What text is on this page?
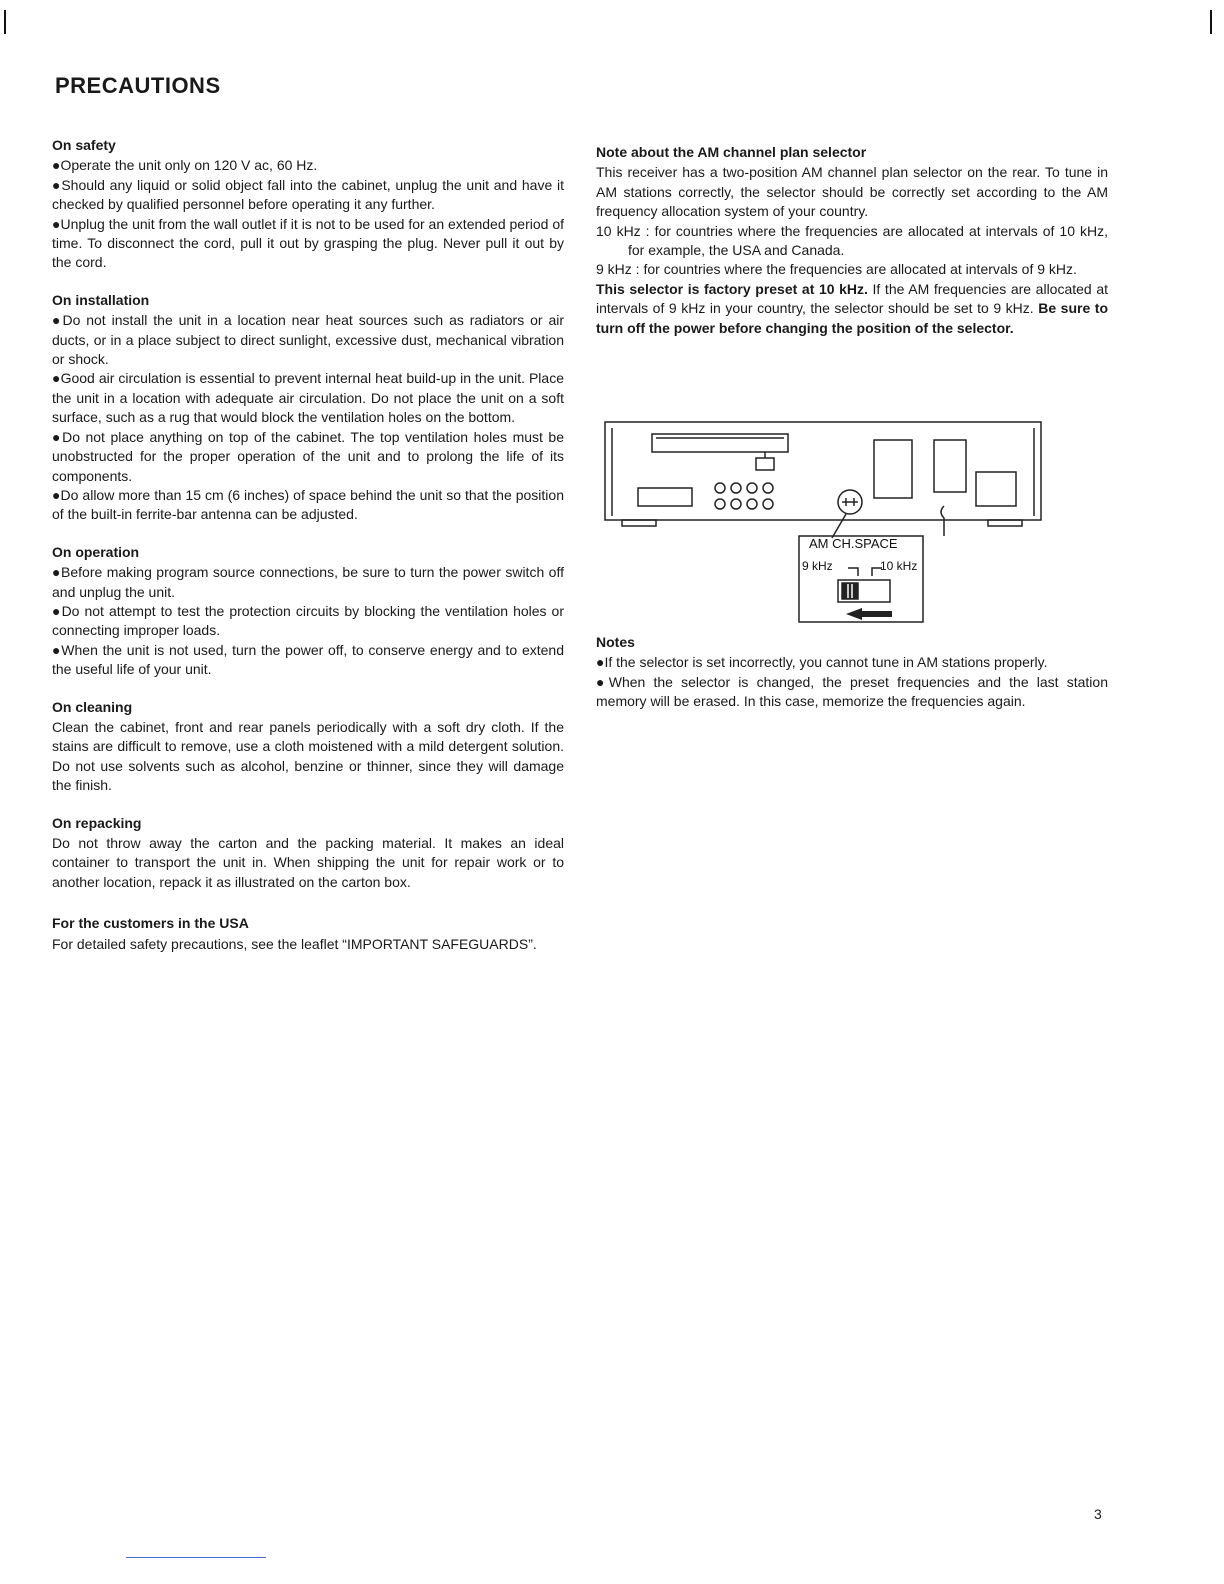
PRECAUTIONS
On safety

●Operate the unit only on 120 V ac, 60 Hz.

●Should any liquid or solid object fall into the cabinet, unplug the unit and have it checked by qualified personnel before operating it any further.

●Unplug the unit from the wall outlet if it is not to be used for an extended period of time. To disconnect the cord, pull it out by grasping the plug. Never pull it out by the cord.

On installation

●Do not install the unit in a location near heat sources such as radiators or air ducts, or in a place subject to direct sunlight, excessive dust, mechanical vibration or shock.

●Good air circulation is essential to prevent internal heat build-up in the unit. Place the unit in a location with adequate air circulation. Do not place the unit on a soft surface, such as a rug that would block the ventilation holes on the bottom.

●Do not place anything on top of the cabinet. The top ventilation holes must be unobstructed for the proper operation of the unit and to prolong the life of its components.

●Do allow more than 15 cm (6 inches) of space behind the unit so that the position of the built-in ferrite-bar antenna can be adjusted.

On operation

●Before making program source connections, be sure to turn the power switch off and unplug the unit.

●Do not attempt to test the protection circuits by blocking the ventilation holes or connecting improper loads.

●When the unit is not used, turn the power off, to conserve energy and to extend the useful life of your unit.

On cleaning

Clean the cabinet, front and rear panels periodically with a soft dry cloth. If the stains are difficult to remove, use a cloth moistened with a mild detergent solution. Do not use solvents such as alcohol, benzine or thinner, since they will damage the finish.

On repacking

Do not throw away the carton and the packing material. It makes an ideal container to transport the unit in. When shipping the unit for repair work or to another location, repack it as illustrated on the carton box.

For the customers in the USA

For detailed safety precautions, see the leaflet “IMPORTANT SAFEGUARDS”.

Note about the AM channel plan selector

This receiver has a two-position AM channel plan selector on the rear. To tune in AM stations correctly, the selector should be correctly set according to the AM frequency allocation system of your country.

10 kHz : for countries where the frequencies are allocated at intervals of 10 kHz, for example, the USA and Canada.

9 kHz : for countries where the frequencies are allocated at intervals of 9 kHz.

This selector is factory preset at 10 kHz. If the AM frequencies are allocated at intervals of 9 kHz in your country, the selector should be set to 9 kHz. Be sure to turn off the power before changing the position of the selector.

AM CH.SPACE
9 kHz	10 kHz
Notes

●If the selector is set incorrectly, you cannot tune in AM stations properly.

●When the selector is changed, the preset frequencies and the last station memory will be erased. In this case, memorize the frequencies again.

3
